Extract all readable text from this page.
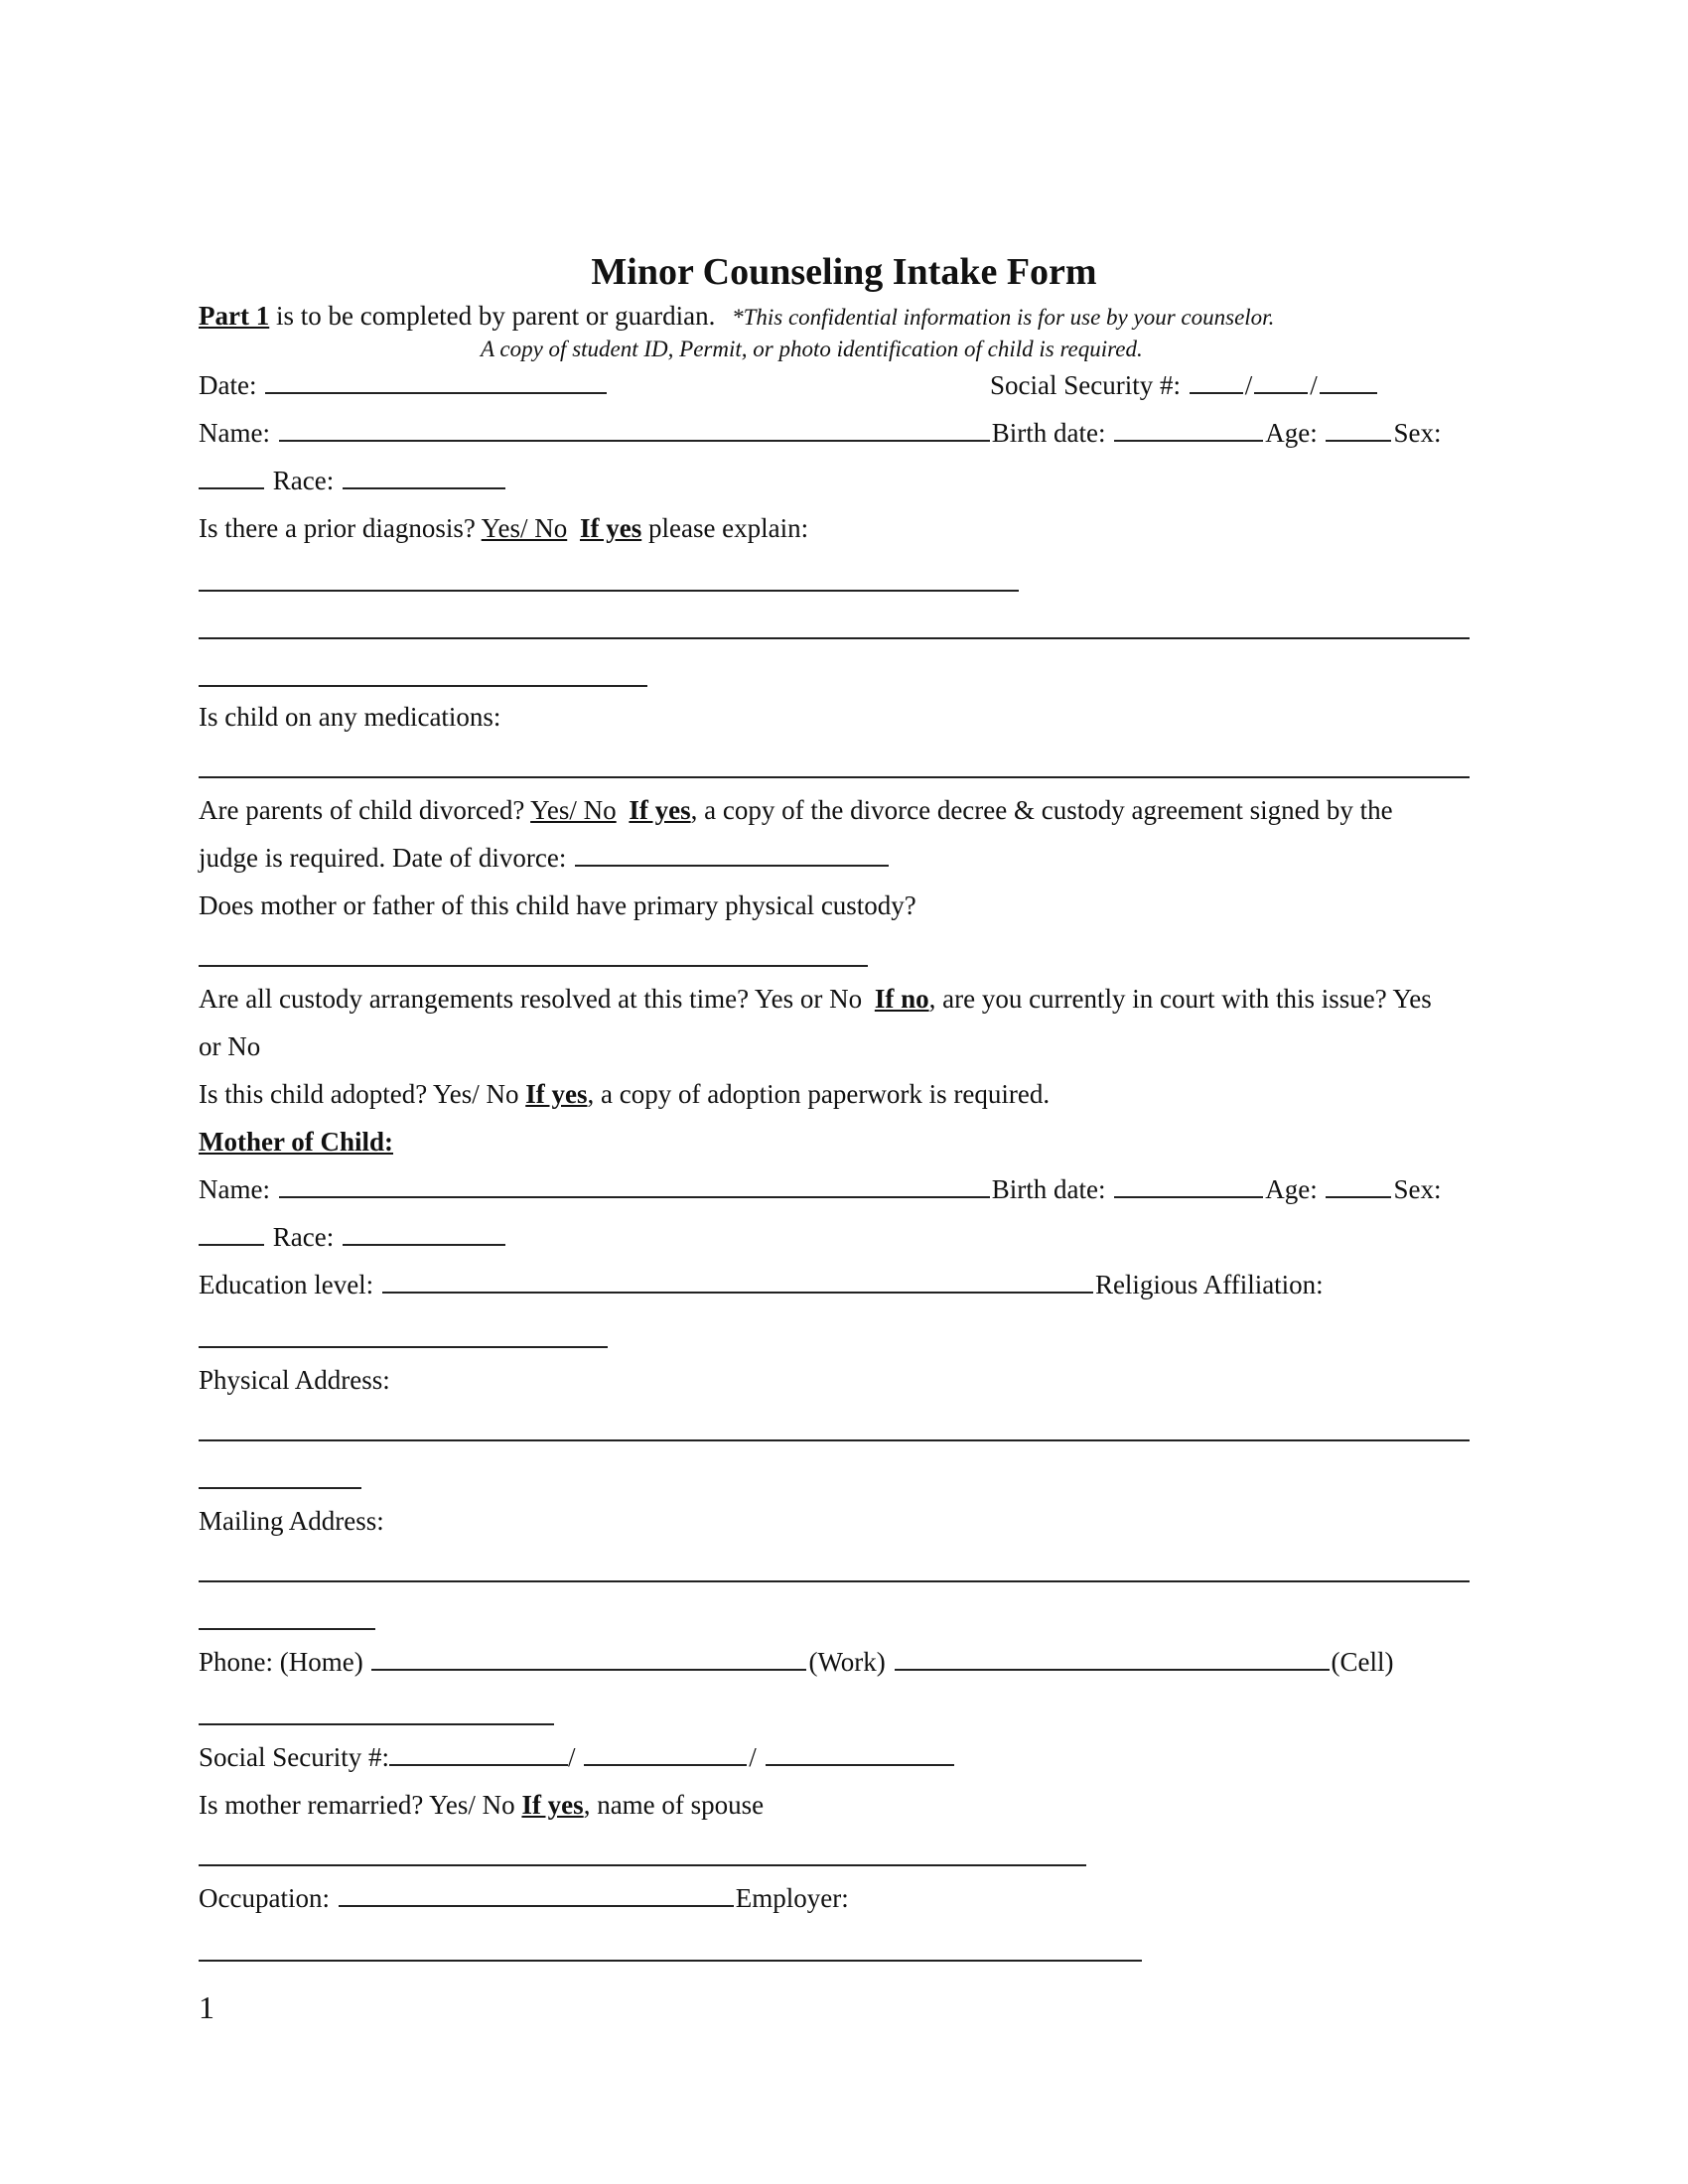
Minor Counseling Intake Form
Part 1 is to be completed by parent or guardian. *This confidential information is for use by your counselor.
A copy of student ID, Permit, or photo identification of child is required.
Date:	Social Security #: / /
Name:	Birth date:	Age:	Sex:
Race:
Is there a prior diagnosis? Yes/ No If yes please explain:
Is child on any medications:
Are parents of child divorced? Yes/ No If yes, a copy of the divorce decree & custody agreement signed by the
judge is required. Date of divorce:
Does mother or father of this child have primary physical custody?
Are all custody arrangements resolved at this time? Yes or No If no, are you currently in court with this issue? Yes
or No
Is this child adopted? Yes/ No If yes, a copy of adoption paperwork is required.
Mother of Child:
Name:	Birth date:	Age:	Sex:
Race:
Education level:	Religious Affiliation:
Physical Address:
Mailing Address:
Phone: (Home)	(Work)	(Cell)
Social Security #:	/	/
Is mother remarried? Yes/ No If yes, name of spouse
Occupation:	Employer:
1
